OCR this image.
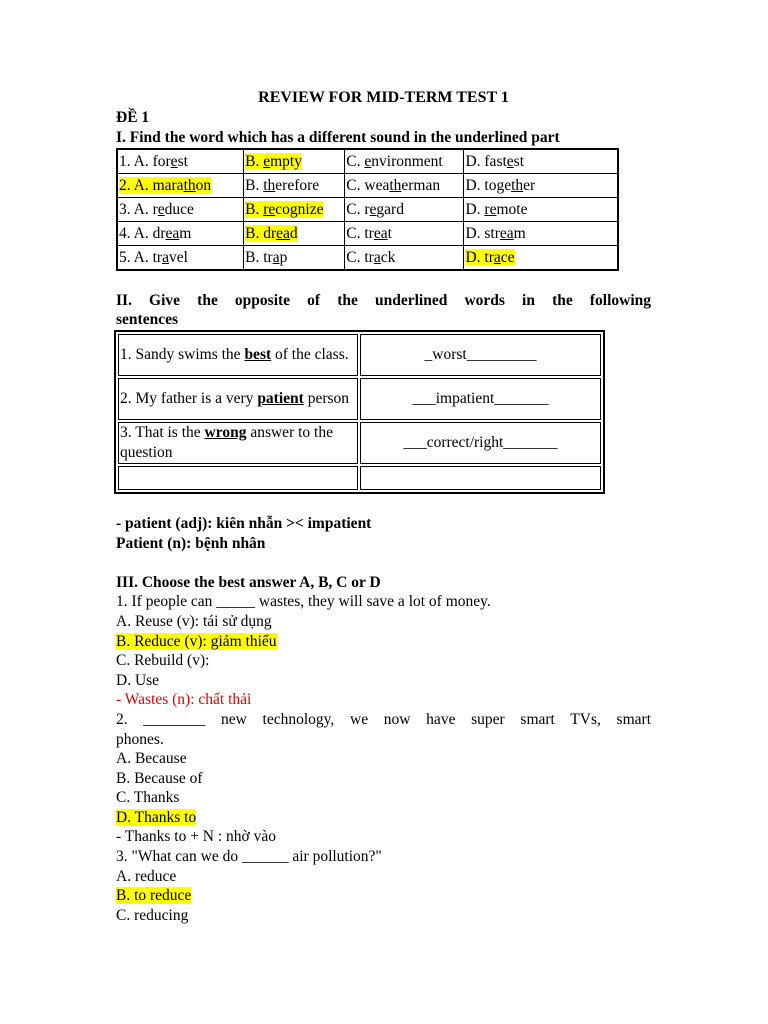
REVIEW FOR MID-TERM TEST 1
ĐỀ 1
I. Find the word which has a different sound in the underlined part
1. A. forest	B. empty	C. environment	D. fastest
2. A. marathon	B. therefore	C. weatherman	D. together
3. A. reduce	B. recognize	C. regard	D. remote
4. A. dream	B. dread	C. treat	D. stream
5. A. travel	B. trap	C. track	D. trace
II. Give the opposite of the underlined words in the following
sentences
1. Sandy swims the best of the class.	_worst_________
2. My father is a very patient person	___impatient_______
3. That is the wrong answer to the question	___correct/right_______

- patient (adj): kiên nhẫn >< impatient
Patient (n): bệnh nhân
III. Choose the best answer A, B, C or D
1. If people can _____ wastes, they will save a lot of money.
A. Reuse (v): tái sử dụng
B. Reduce (v): giảm thiểu
C. Rebuild (v):
D. Use
- Wastes (n): chất thải
2.  ________  new  technology,  we  now  have  super  smart  TVs,  smart
phones.
A. Because
B. Because of
C. Thanks
D. Thanks to
- Thanks to + N : nhờ vào
3. "What can we do ______ air pollution?"
A. reduce
B. to reduce
C. reducing
